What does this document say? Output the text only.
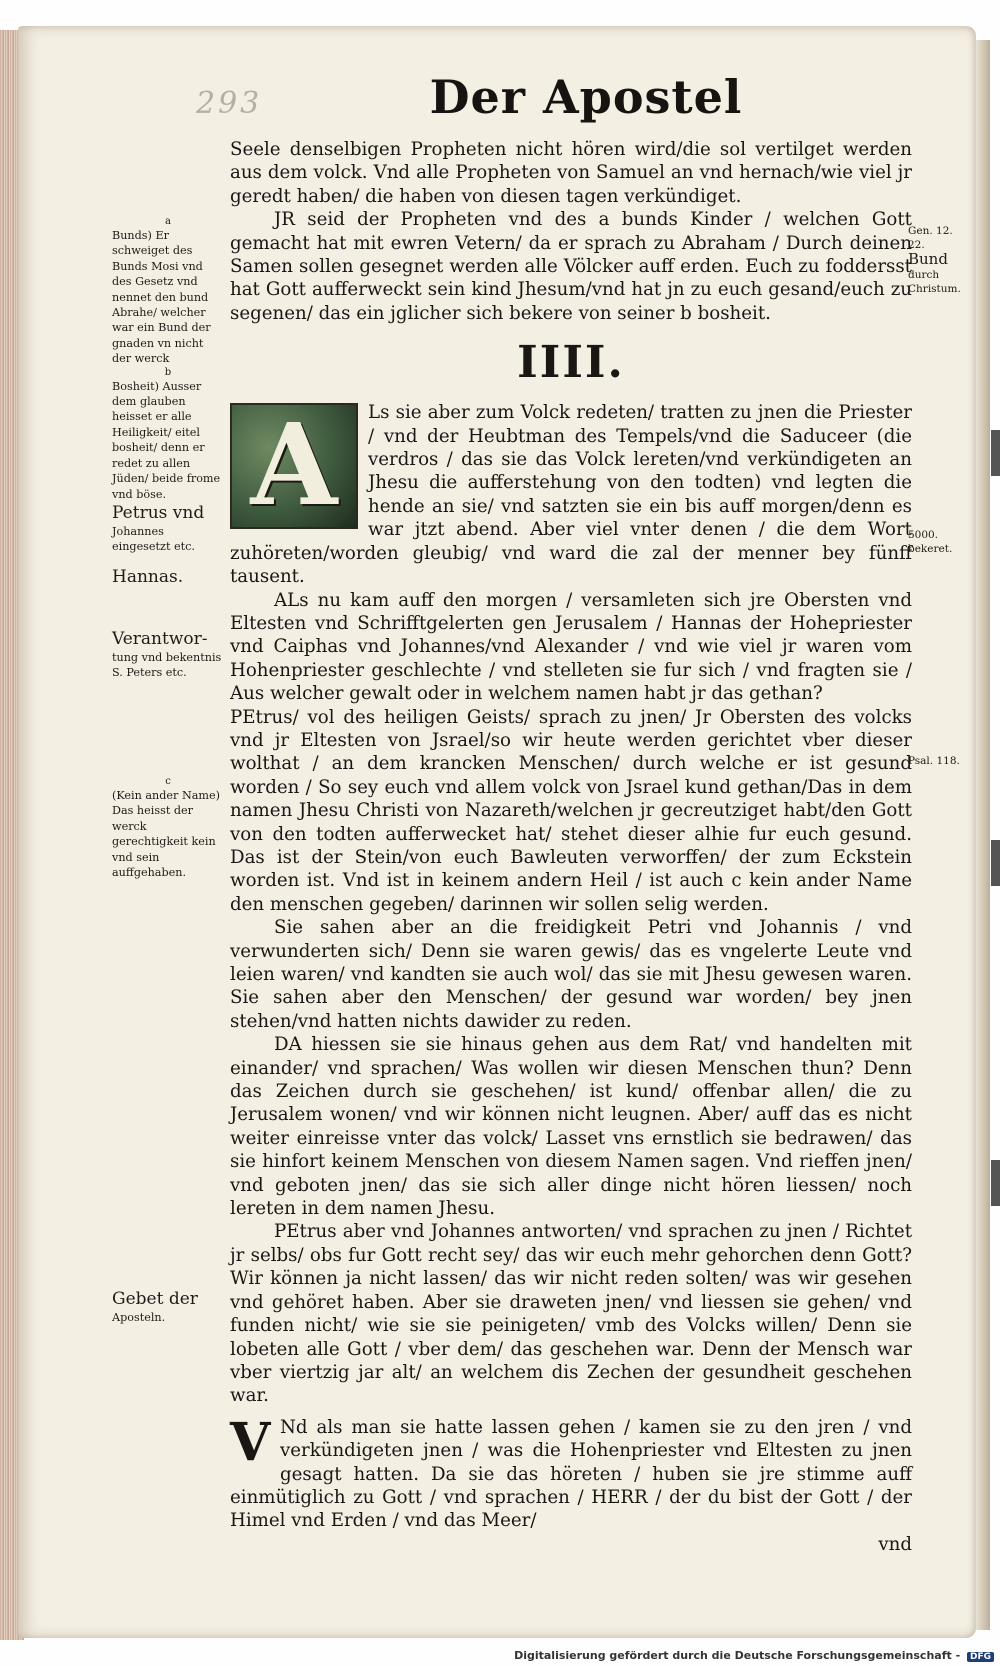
293	Der Apostel

Seele denselbigen Propheten nicht hören wird/die sol vertilget werden aus dem volck. Vnd alle Propheten von Samuel an vnd hernach/wie viel jr geredt haben/ die haben von diesen tagen verkündiget.

JR seid der Propheten vnd des a bunds Kinder / welchen Gott gemacht hat mit ewren Vetern/ da er sprach zu Abraham / Durch deinen Samen sollen gesegnet werden alle Völcker auff erden. Euch zu foddersst hat Gott aufferweckt sein kind Jhesum/vnd hat jn zu euch gesand/euch zu segenen/ das ein jglicher sich bekere von seiner b bosheit.

IIII.
A	Ls sie aber zum Volck redeten/ tratten zu jnen die Priester / vnd der Heubtman des Tempels/vnd die Saduceer (die verdros / das sie das Volck lereten/vnd verkündigeten an Jhesu die aufferstehung von den todten) vnd legten die hende an sie/ vnd satzten sie ein bis auff morgen/denn es war jtzt abend. Aber viel vnter denen / die dem Wort zuhöreten/worden gleubig/ vnd ward die zal der menner bey fünff tausent.

ALs nu kam auff den morgen / versamleten sich jre Obersten vnd Eltesten vnd Schrifftgelerten gen Jerusalem / Hannas der Hohepriester vnd Caiphas vnd Johannes/vnd Alexander / vnd wie viel jr waren vom Hohenpriester geschlechte / vnd stelleten sie fur sich / vnd fragten sie / Aus welcher gewalt oder in welchem namen habt jr das gethan?

PEtrus/ vol des heiligen Geists/ sprach zu jnen/ Jr Obersten des volcks vnd jr Eltesten von Jsrael/so wir heute werden gerichtet vber dieser wolthat / an dem krancken Menschen/ durch welche er ist gesund worden / So sey euch vnd allem volck von Jsrael kund gethan/Das in dem namen Jhesu Christi von Nazareth/welchen jr gecreutziget habt/den Gott von den todten aufferwecket hat/ stehet dieser alhie fur euch gesund. Das ist der Stein/von euch Bawleuten verworffen/ der zum Eckstein worden ist. Vnd ist in keinem andern Heil / ist auch c kein ander Name den menschen gegeben/ darinnen wir sollen selig werden.

Sie sahen aber an die freidigkeit Petri vnd Johannis / vnd verwunderten sich/ Denn sie waren gewis/ das es vngelerte Leute vnd leien waren/ vnd kandten sie auch wol/ das sie mit Jhesu gewesen waren. Sie sahen aber den Menschen/ der gesund war worden/ bey jnen stehen/vnd hatten nichts dawider zu reden.

DA hiessen sie sie hinaus gehen aus dem Rat/ vnd handelten mit einander/ vnd sprachen/ Was wollen wir diesen Menschen thun? Denn das Zeichen durch sie geschehen/ ist kund/ offenbar allen/ die zu Jerusalem wonen/ vnd wir können nicht leugnen. Aber/ auff das es nicht weiter einreisse vnter das volck/ Lasset vns ernstlich sie bedrawen/ das sie hinfort keinem Menschen von diesem Namen sagen. Vnd rieffen jnen/ vnd geboten jnen/ das sie sich aller dinge nicht hören liessen/ noch lereten in dem namen Jhesu.

PEtrus aber vnd Johannes antworten/ vnd sprachen zu jnen / Richtet jr selbs/ obs fur Gott recht sey/ das wir euch mehr gehorchen denn Gott? Wir können ja nicht lassen/ das wir nicht reden solten/ was wir gesehen vnd gehöret haben. Aber sie draweten jnen/ vnd liessen sie gehen/ vnd funden nicht/ wie sie sie peinigeten/ vmb des Volcks willen/ Denn sie lobeten alle Gott / vber dem/ das geschehen war. Denn der Mensch war vber viertzig jar alt/ an welchem dis Zechen der gesundheit geschehen war.

V Nd als man sie hatte lassen gehen / kamen sie zu den jren / vnd verkündigeten jnen / was die Hohenpriester vnd Eltesten zu jnen gesagt hatten. Da sie das höreten / huben sie jre stimme auff einmütiglich zu Gott / vnd sprachen / HERR / der du bist der Gott / der Himel vnd Erden / vnd das Meer/

vnd

a
Bunds) Er schweiget des Bunds Mosi vnd des Gesetz vnd nennet den bund Abrahe/ welcher war ein Bund der gnaden vn nicht der werck
b
Bosheit) Ausser dem glauben heisset er alle Heiligkeit/ eitel bosheit/ denn er redet zu allen Jüden/ beide frome vnd böse.
Petrus vnd
Johannes eingesetzt etc.
Hannas.
Verantwor-
tung vnd bekentnis S. Peters etc.
c
(Kein ander Name) Das heisst der werck gerechtigkeit kein vnd sein auffgehaben.
Gebet der
Aposteln.
Gen. 12. 22.
Bund
durch Christum.
5000. bekeret.
Psal. 118.
Digitalisierung gefördert durch die Deutsche Forschungsgemeinschaft - DFG
